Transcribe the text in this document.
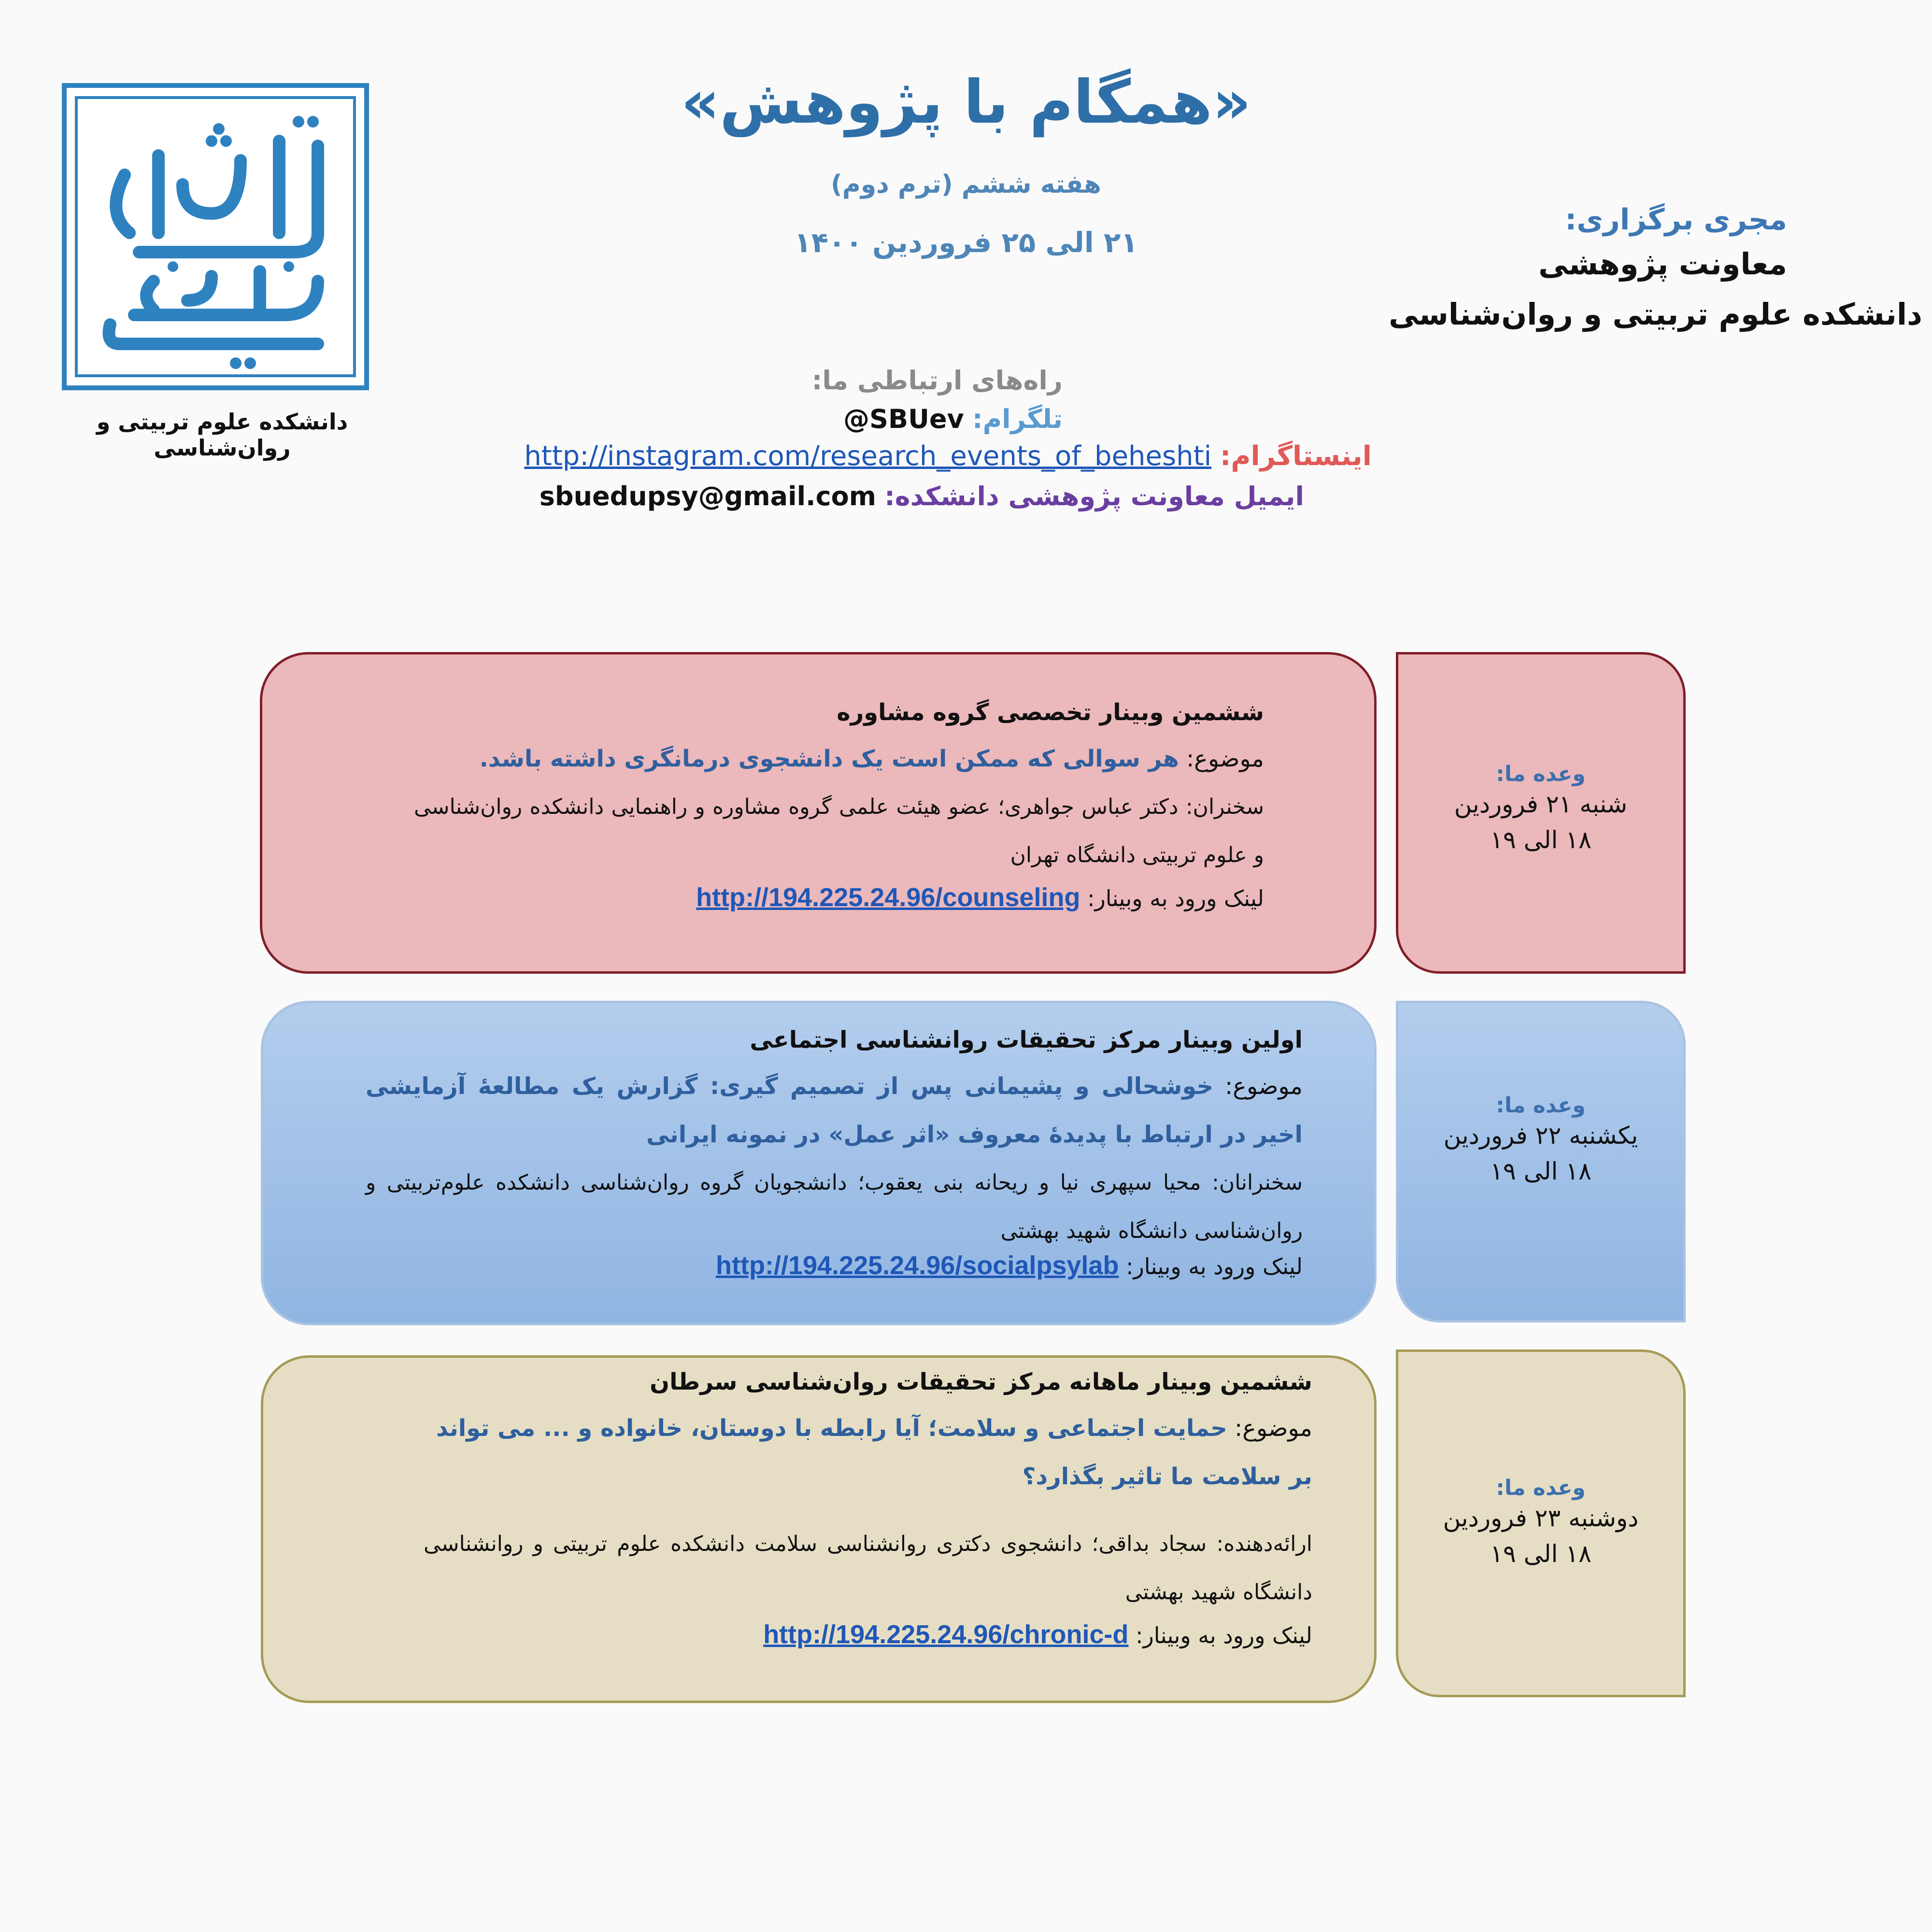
دانشکده علوم تربیتی و روان‌شناسی
«همگام با پژوهش»
هفته ششم (ترم دوم)
۲۱ الی ۲۵ فروردین ۱۴۰۰
مجری برگزاری:
معاونت پژوهشی
دانشکده علوم تربیتی و روان‌شناسی
راه‌های ارتباطی ما:
تلگرام: @SBUev
اینستاگرام: http://instagram.com/research_events_of_beheshti
ایمیل معاونت پژوهشی دانشکده: sbuedupsy@gmail.com
ششمین وبینار تخصصی گروه مشاوره
موضوع: هر سوالی که ممکن است یک دانشجوی درمانگری داشته باشد.
سخنران: دکتر عباس جواهری؛ عضو هیئت علمی گروه مشاوره و راهنمایی دانشکده روان‌شناسی و علوم تربیتی دانشگاه تهران
لینک ورود به وبینار: http://194.225.24.96/counseling
وعده ما:
شنبه ۲۱ فروردین
۱۸ الی ۱۹
اولین وبینار مرکز تحقیقات روانشناسی اجتماعی
موضوع: خوشحالی و پشیمانی پس از تصمیم گیری: گزارش یک مطالعهٔ آزمایشی اخیر در ارتباط با پدیدهٔ معروف «اثر عمل» در نمونه ایرانی
سخنرانان: محیا سپهری نیا و ریحانه بنی یعقوب؛ دانشجویان گروه روان‌شناسی دانشکده علوم‌تربیتی و روان‌شناسی دانشگاه شهید بهشتی
لینک ورود به وبینار: http://194.225.24.96/socialpsylab
وعده ما:
یکشنبه ۲۲ فروردین
۱۸ الی ۱۹
ششمین وبینار ماهانه مرکز تحقیقات روان‌شناسی سرطان
موضوع: حمایت اجتماعی و سلامت؛ آیا رابطه با دوستان، خانواده و ... می تواند بر سلامت ما تاثیر بگذارد؟
ارائه‌دهنده: سجاد بداقی؛ دانشجوی دکتری روانشناسی سلامت دانشکده علوم تربیتی و روانشناسی دانشگاه شهید بهشتی
لینک ورود به وبینار: http://194.225.24.96/chronic-d
وعده ما:
دوشنبه ۲۳ فروردین
۱۸ الی ۱۹
